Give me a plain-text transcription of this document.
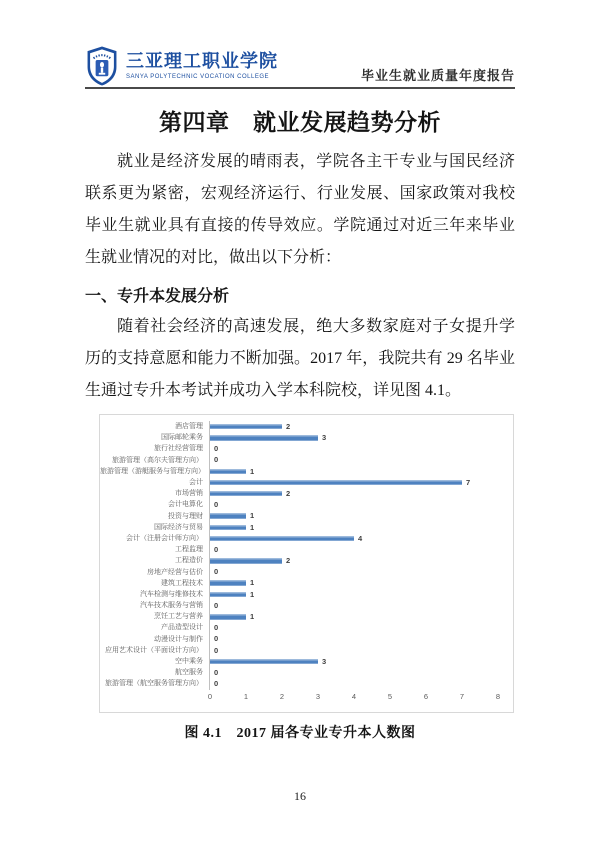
三亚理工职业学院
SANYA POLYTECHNIC VOCATION COLLEGE	毕业生就业质量年度报告
第四章　就业发展趋势分析

就业是经济发展的晴雨表，学院各主干专业与国民经济联系更为紧密，宏观经济运行、行业发展、国家政策对我校毕业生就业具有直接的传导效应。学院通过对近三年来毕业生就业情况的对比，做出以下分析：

一、专升本发展分析

随着社会经济的高速发展，绝大多数家庭对子女提升学历的支持意愿和能力不断加强。2017 年，我院共有 29 名毕业生通过专升本考试并成功入学本科院校，详见图 4.1。

酒店管理	2
国际邮轮乘务	3
旅行社经营管理	0
旅游管理（高尔夫管理方向）	0
旅游管理（游艇服务与管理方向）	1
会计	7
市场营销	2
会计电算化	0
投资与理财	1
国际经济与贸易	1
会计（注册会计师方向）	4
工程监理	0
工程造价	2
房地产经营与估价	0
建筑工程技术	1
汽车检测与维修技术	1
汽车技术服务与营销	0
烹饪工艺与营养	1
产品造型设计	0
动漫设计与制作	0
应用艺术设计（平面设计方向）	0
空中乘务	3
航空服务	0
旅游管理（航空服务管理方向）	0
0	1	2	3	4	5	6	7	8
图 4.1　2017 届各专业专升本人数图
16
